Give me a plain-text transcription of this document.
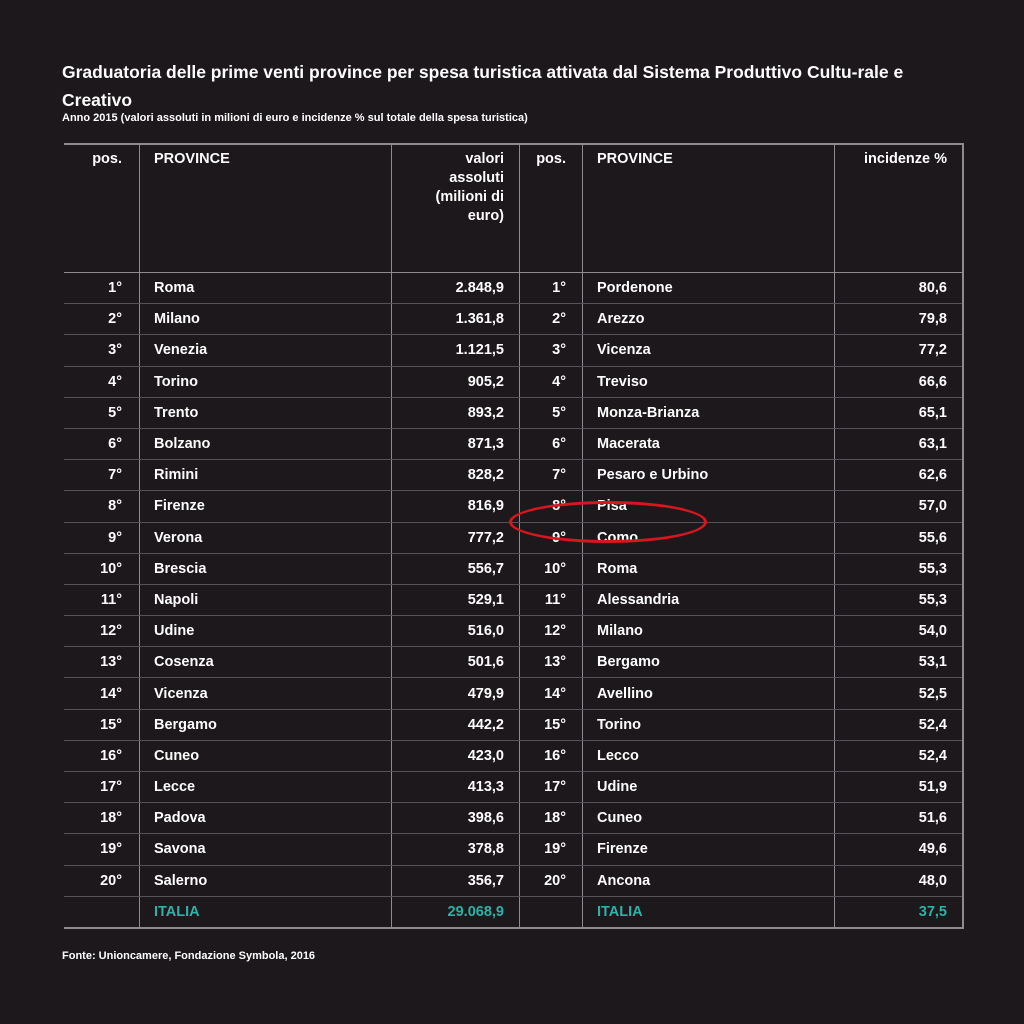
Graduatoria delle prime venti province per spesa turistica attivata dal Sistema Produttivo Cultu-rale e Creativo

Anno 2015 (valori assoluti in milioni di euro e incidenze % sul totale della spesa turistica)

pos.	PROVINCE	valori assoluti (milioni di euro)	pos.	PROVINCE	incidenze %
1°	Roma	2.848,9	1°	Pordenone	80,6
2°	Milano	1.361,8	2°	Arezzo	79,8
3°	Venezia	1.121,5	3°	Vicenza	77,2
4°	Torino	905,2	4°	Treviso	66,6
5°	Trento	893,2	5°	Monza-Brianza	65,1
6°	Bolzano	871,3	6°	Macerata	63,1
7°	Rimini	828,2	7°	Pesaro e Urbino	62,6
8°	Firenze	816,9	8°	Pisa	57,0
9°	Verona	777,2	9°	Como	55,6
10°	Brescia	556,7	10°	Roma	55,3
11°	Napoli	529,1	11°	Alessandria	55,3
12°	Udine	516,0	12°	Milano	54,0
13°	Cosenza	501,6	13°	Bergamo	53,1
14°	Vicenza	479,9	14°	Avellino	52,5
15°	Bergamo	442,2	15°	Torino	52,4
16°	Cuneo	423,0	16°	Lecco	52,4
17°	Lecce	413,3	17°	Udine	51,9
18°	Padova	398,6	18°	Cuneo	51,6
19°	Savona	378,8	19°	Firenze	49,6
20°	Salerno	356,7	20°	Ancona	48,0
	ITALIA	29.068,9		ITALIA	37,5

Fonte: Unioncamere, Fondazione Symbola, 2016
